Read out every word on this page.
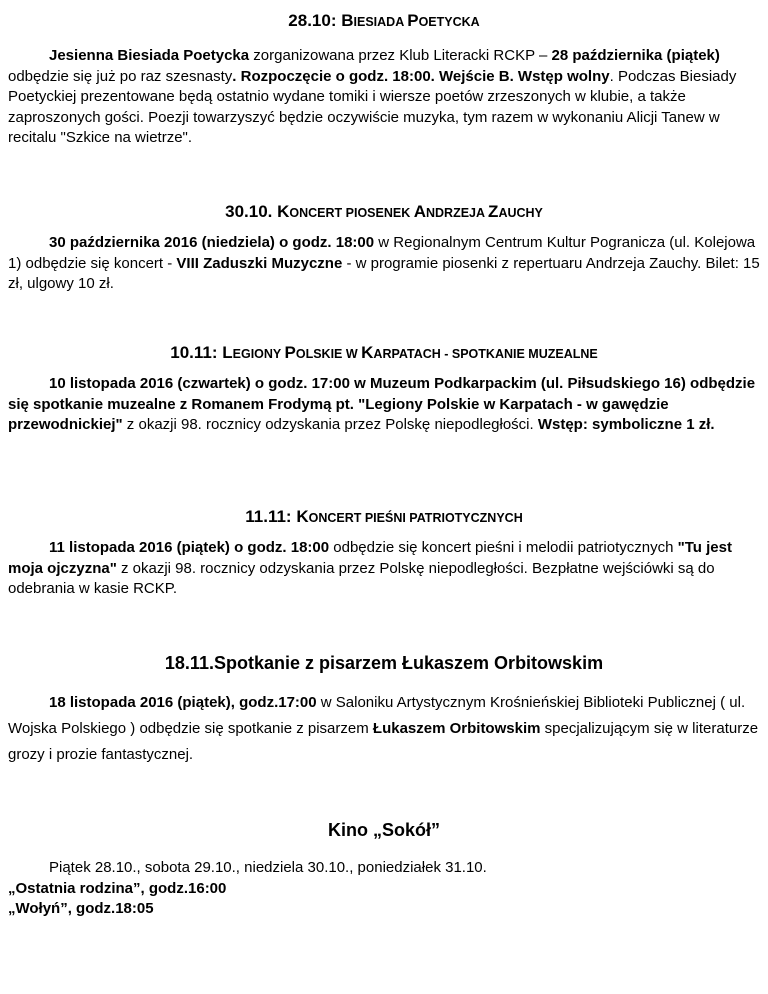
28.10: BIESIADA POETYCKA

Jesienna Biesiada Poetycka zorganizowana przez Klub Literacki RCKP – 28 października (piątek) odbędzie się już po raz szesnasty. Rozpoczęcie o godz. 18:00. Wejście B. Wstęp wolny. Podczas Biesiady Poetyckiej prezentowane będą ostatnio wydane tomiki i wiersze poetów zrzeszonych w klubie, a także zaproszonych gości. Poezji towarzyszyć będzie oczywiście muzyka, tym razem w wykonaniu Alicji Tanew w recitalu "Szkice na wietrze".

30.10. KONCERT PIOSENEK ANDRZEJA ZAUCHY

30 października 2016 (niedziela) o godz. 18:00 w Regionalnym Centrum Kultur Pogranicza (ul. Kolejowa 1) odbędzie się koncert - VIII Zaduszki Muzyczne - w programie piosenki z repertuaru Andrzeja Zauchy. Bilet: 15 zł, ulgowy 10 zł.

10.11: LEGIONY POLSKIE W KARPATACH - SPOTKANIE MUZEALNE

10 listopada 2016 (czwartek) o godz. 17:00 w Muzeum Podkarpackim (ul. Piłsudskiego 16) odbędzie się spotkanie muzealne z Romanem Frodymą pt. "Legiony Polskie w Karpatach - w gawędzie przewodnickiej" z okazji 98. rocznicy odzyskania przez Polskę niepodległości. Wstęp: symboliczne 1 zł.

11.11: KONCERT PIEŚNI PATRIOTYCZNYCH

11 listopada 2016 (piątek) o godz. 18:00 odbędzie się koncert pieśni i melodii patriotycznych "Tu jest moja ojczyzna" z okazji 98. rocznicy odzyskania przez Polskę niepodległości. Bezpłatne wejściówki są do odebrania w kasie RCKP.

18.11.Spotkanie z pisarzem Łukaszem Orbitowskim

18 listopada 2016 (piątek), godz.17:00 w Saloniku Artystycznym Krośnieńskiej Biblioteki Publicznej ( ul. Wojska Polskiego ) odbędzie się spotkanie z pisarzem Łukaszem Orbitowskim specjalizującym się w literaturze grozy i prozie fantastycznej.

Kino „Sokół”

Piątek 28.10., sobota 29.10., niedziela 30.10., poniedziałek 31.10.

„Ostatnia rodzina”, godz.16:00

„Wołyń”, godz.18:05
